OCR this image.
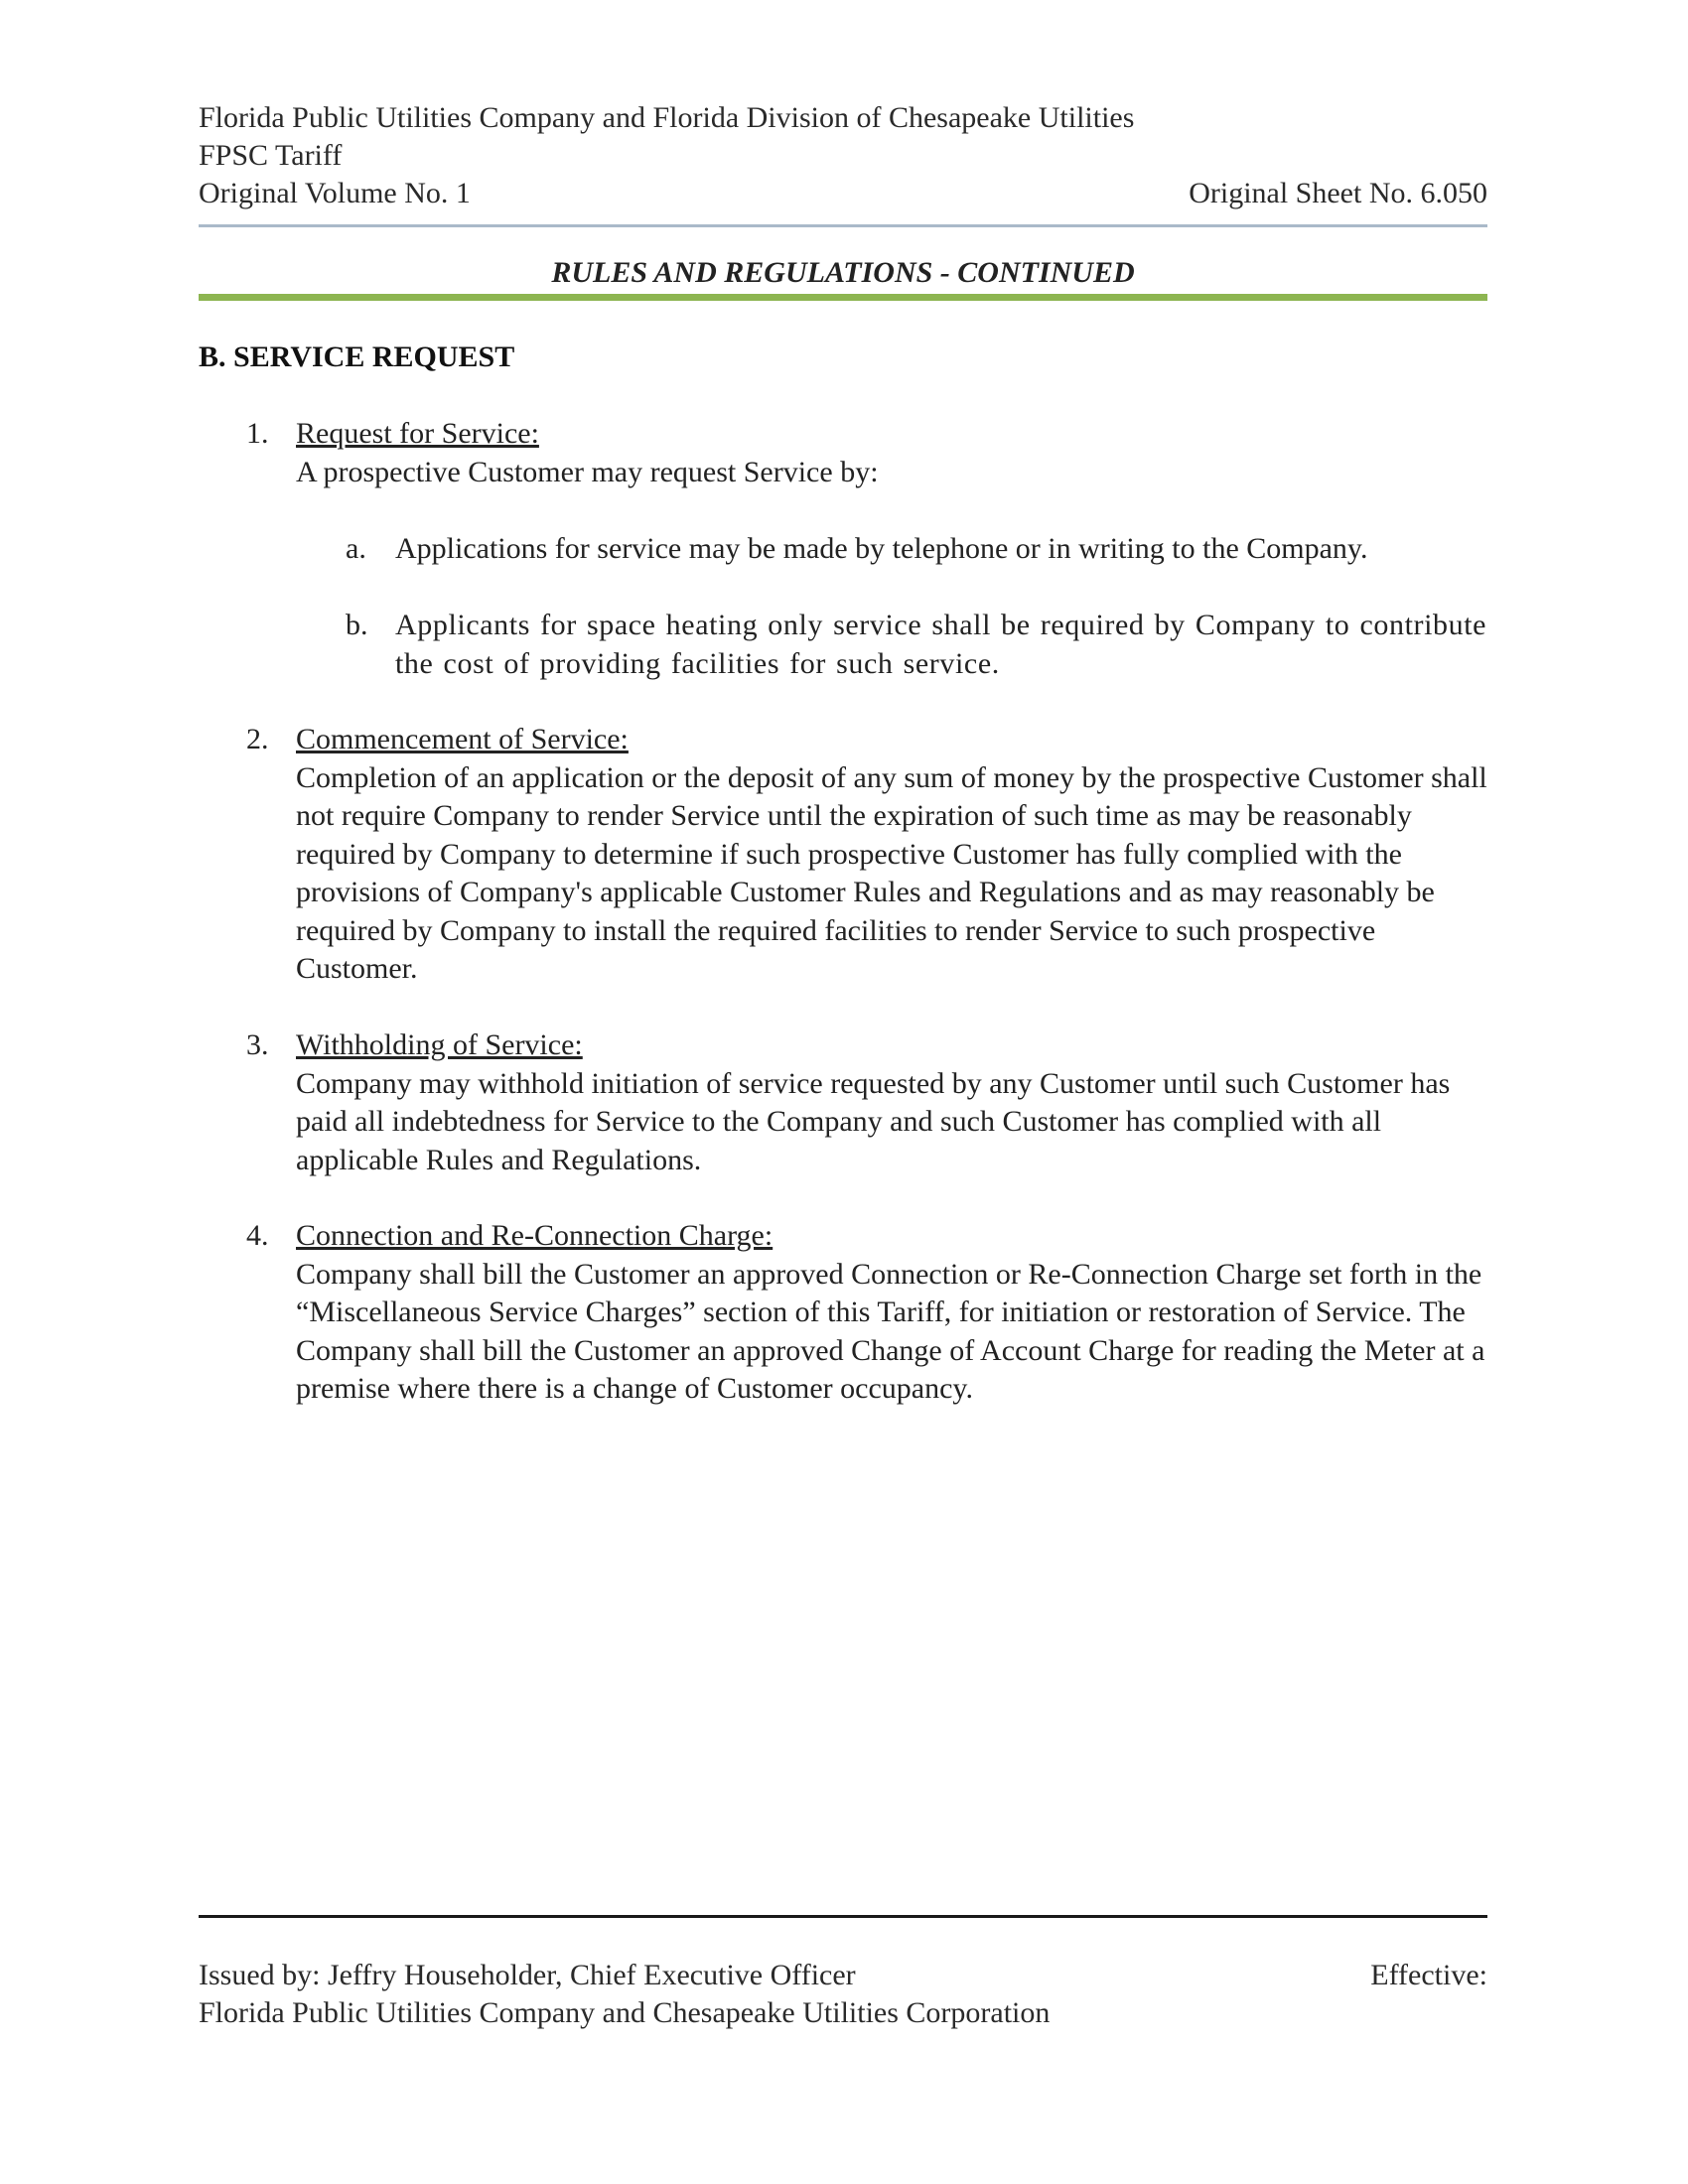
Florida Public Utilities Company and Florida Division of Chesapeake Utilities
FPSC Tariff
Original Volume No. 1	Original Sheet No. 6.050
RULES AND REGULATIONS - CONTINUED
B. SERVICE REQUEST
1. Request for Service:
A prospective Customer may request Service by:
a. Applications for service may be made by telephone or in writing to the Company.
b. Applicants for space heating only service shall be required by Company to contribute the cost of providing facilities for such service.
2. Commencement of Service:
Completion of an application or the deposit of any sum of money by the prospective Customer shall not require Company to render Service until the expiration of such time as may be reasonably required by Company to determine if such prospective Customer has fully complied with the provisions of Company's applicable Customer Rules and Regulations and as may reasonably be required by Company to install the required facilities to render Service to such prospective Customer.
3. Withholding of Service:
Company may withhold initiation of service requested by any Customer until such Customer has paid all indebtedness for Service to the Company and such Customer has complied with all applicable Rules and Regulations.
4. Connection and Re-Connection Charge:
Company shall bill the Customer an approved Connection or Re-Connection Charge set forth in the “Miscellaneous Service Charges” section of this Tariff, for initiation or restoration of Service. The Company shall bill the Customer an approved Change of Account Charge for reading the Meter at a premise where there is a change of Customer occupancy.
Issued by: Jeffry Householder, Chief Executive Officer	Effective:
Florida Public Utilities Company and Chesapeake Utilities Corporation
